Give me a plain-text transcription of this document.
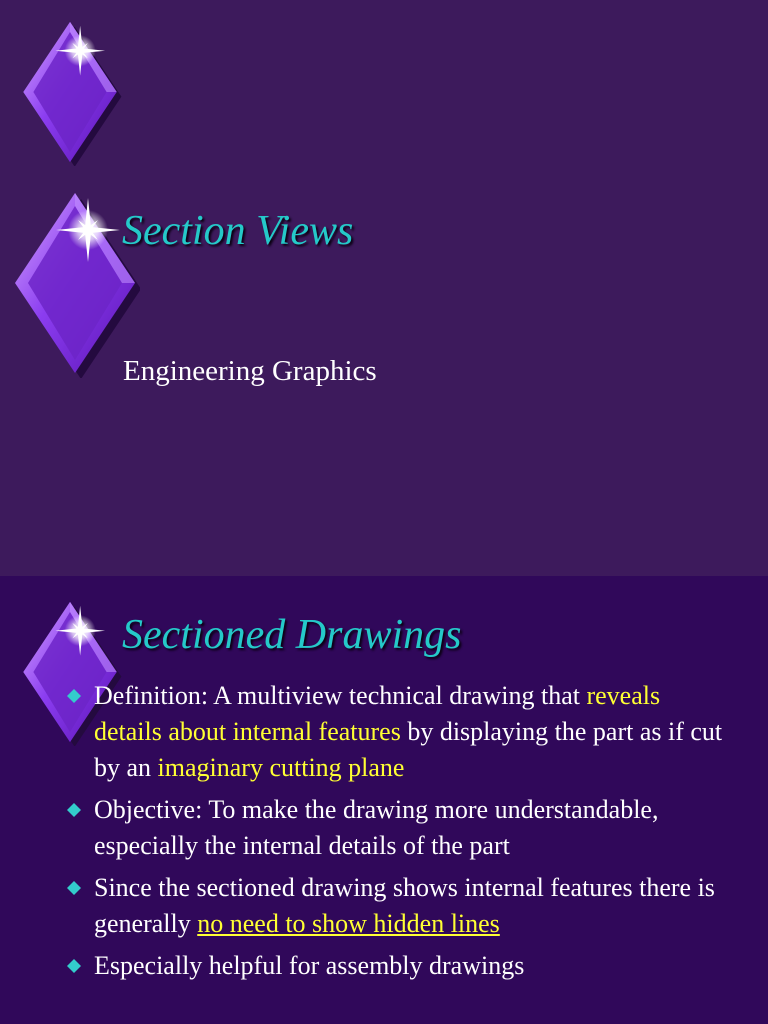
Section Views
Engineering Graphics
Sectioned Drawings
Definition: A multiview technical drawing that reveals details about internal features by displaying the part as if cut by an imaginary cutting plane
Objective: To make the drawing more understandable, especially the internal details of the part
Since the sectioned drawing shows internal features there is generally no need to show hidden lines
Especially helpful for assembly drawings
